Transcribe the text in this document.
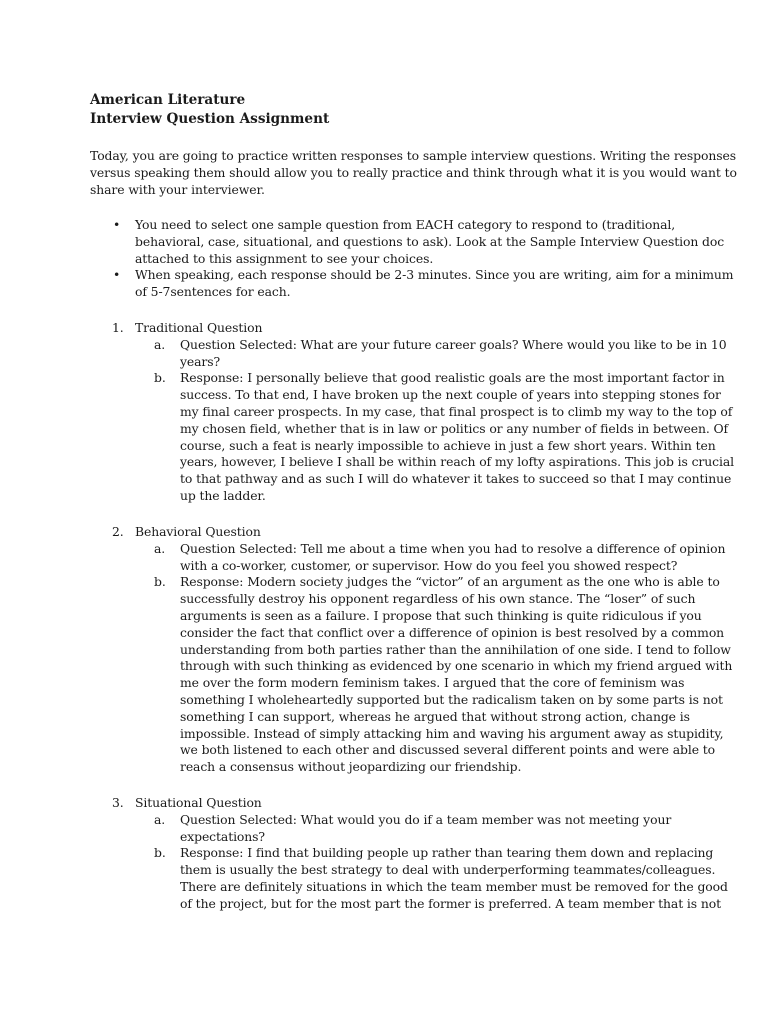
American Literature
Interview Question Assignment
Today, you are going to practice written responses to sample interview questions. Writing the responses
versus speaking them should allow you to really practice and think through what it is you would want to
share with your interviewer.
• You need to select one sample question from EACH category to respond to (traditional,
behavioral, case, situational, and questions to ask). Look at the Sample Interview Question doc
attached to this assignment to see your choices.
• When speaking, each response should be 2-3 minutes. Since you are writing, aim for a minimum
of 5-7sentences for each.
1. Traditional Question
a. Question Selected: What are your future career goals? Where would you like to be in 10
years?
b. Response: I personally believe that good realistic goals are the most important factor in
success. To that end, I have broken up the next couple of years into stepping stones for
my final career prospects. In my case, that final prospect is to climb my way to the top of
my chosen field, whether that is in law or politics or any number of fields in between. Of
course, such a feat is nearly impossible to achieve in just a few short years. Within ten
years, however, I believe I shall be within reach of my lofty aspirations. This job is crucial
to that pathway and as such I will do whatever it takes to succeed so that I may continue
up the ladder.
2. Behavioral Question
a. Question Selected: Tell me about a time when you had to resolve a difference of opinion
with a co-worker, customer, or supervisor. How do you feel you showed respect?
b. Response: Modern society judges the “victor” of an argument as the one who is able to
successfully destroy his opponent regardless of his own stance. The “loser” of such
arguments is seen as a failure. I propose that such thinking is quite ridiculous if you
consider the fact that conflict over a difference of opinion is best resolved by a common
understanding from both parties rather than the annihilation of one side. I tend to follow
through with such thinking as evidenced by one scenario in which my friend argued with
me over the form modern feminism takes. I argued that the core of feminism was
something I wholeheartedly supported but the radicalism taken on by some parts is not
something I can support, whereas he argued that without strong action, change is
impossible. Instead of simply attacking him and waving his argument away as stupidity,
we both listened to each other and discussed several different points and were able to
reach a consensus without jeopardizing our friendship.
3. Situational Question
a. Question Selected: What would you do if a team member was not meeting your
expectations?
b. Response: I find that building people up rather than tearing them down and replacing
them is usually the best strategy to deal with underperforming teammates/colleagues.
There are definitely situations in which the team member must be removed for the good
of the project, but for the most part the former is preferred. A team member that is not
